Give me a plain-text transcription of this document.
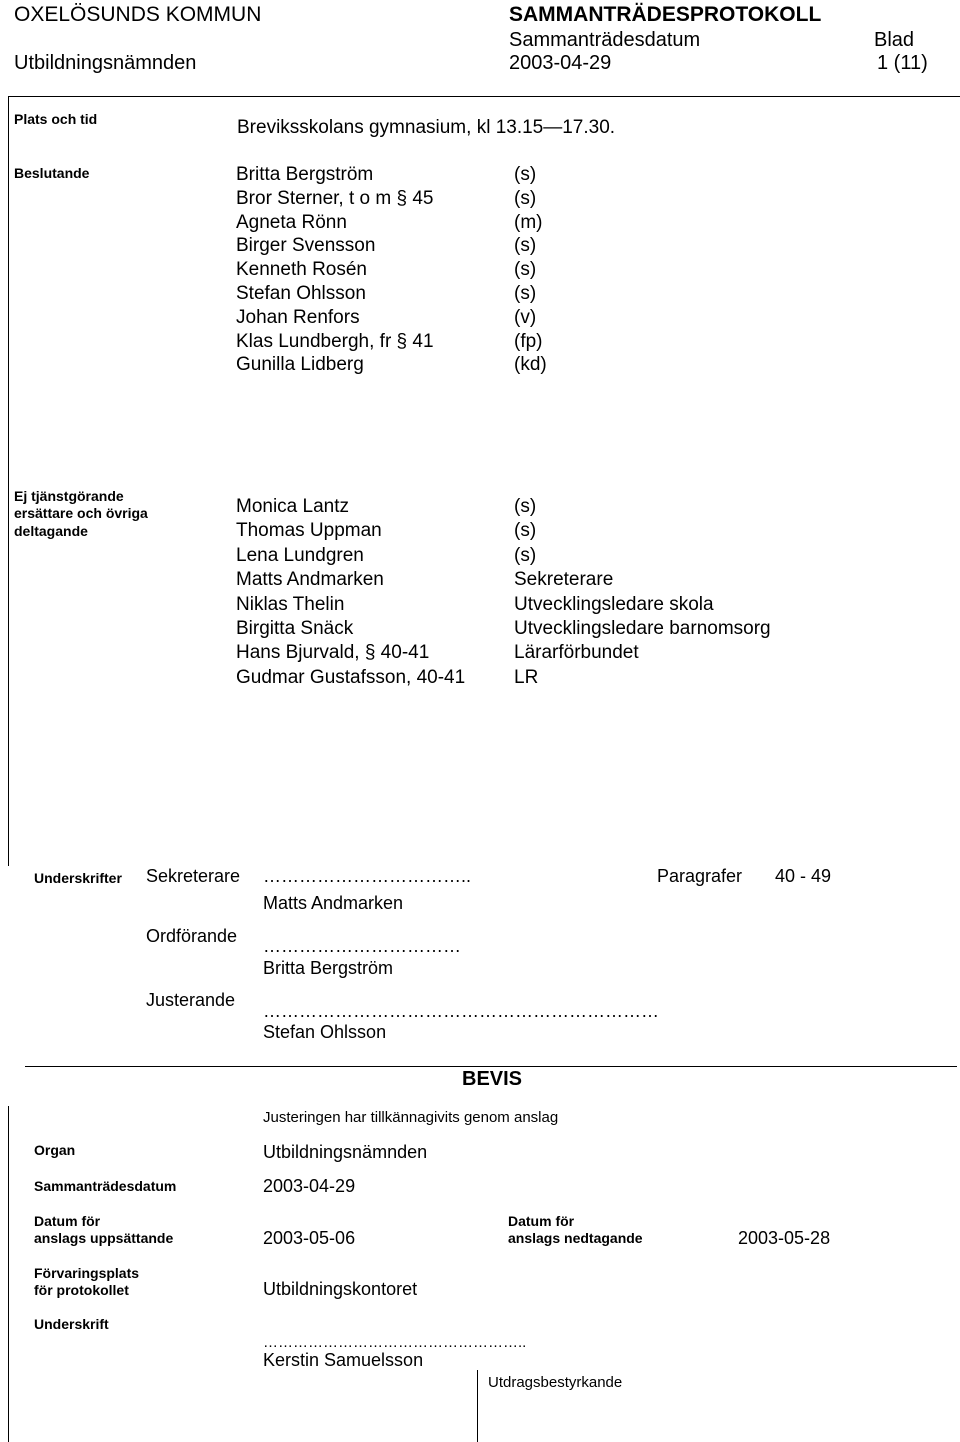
OXELÖSUNDS KOMMUN	SAMMANTRÄDESPROTOKOLL
Sammanträdesdatum	Blad
Utbildningsnämnden	2003-04-29	1 (11)
Plats och tid	Breviksskolans gymnasium, kl 13.15—17.30.
Beslutande	Britta Bergström	(s)
Bror Sterner, t o m § 45	(s)
Agneta Rönn	(m)
Birger Svensson	(s)
Kenneth Rosén	(s)
Stefan Ohlsson	(s)
Johan Renfors	(v)
Klas Lundbergh, fr § 41	(fp)
Gunilla Lidberg	(kd)
Ej tjänstgörande
ersättare och övriga
deltagande
Monica Lantz	(s)
Thomas Uppman	(s)
Lena Lundgren	(s)
Matts Andmarken	Sekreterare
Niklas Thelin	Utvecklingsledare skola
Birgitta Snäck	Utvecklingsledare barnomsorg
Hans Bjurvald, § 40-41	Lärarförbundet
Gudmar Gustafsson, 40-41	LR
Underskrifter Sekreterare ……………………………..	Paragrafer 40 - 49
Matts Andmarken
Ordförande ……………………………
Britta Bergström
Justerande
…………………………………………………………
Stefan Ohlsson
BEVIS
Justeringen har tillkännagivits genom anslag
Organ	Utbildningsnämnden
Sammanträdesdatum	2003-04-29
Datum för
anslags uppsättande	2003-05-06
Datum för
anslags nedtagande	2003-05-28
Förvaringsplats
för protokollet	Utbildningskontoret
Underskrift
……………………………………………..
Kerstin Samuelsson
Utdragsbestyrkande
